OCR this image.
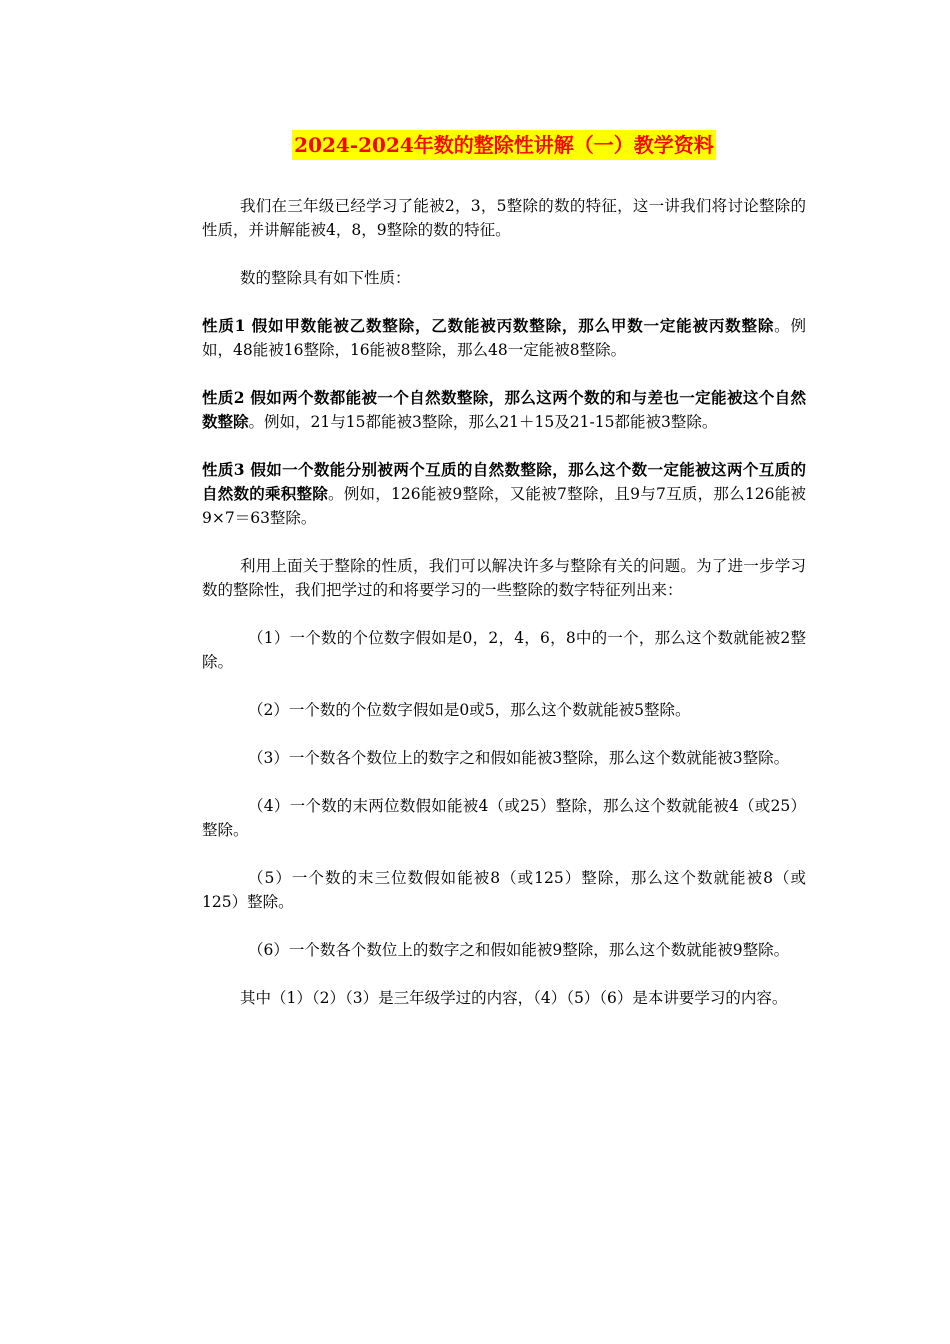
2024-2024年数的整除性讲解（一）教学资料

我们在三年级已经学习了能被2，3，5整除的数的特征，这一讲我们将讨论整除的性质，并讲解能被4，8，9整除的数的特征。

数的整除具有如下性质：

性质1 假如甲数能被乙数整除，乙数能被丙数整除，那么甲数一定能被丙数整除。例如，48能被16整除，16能被8整除，那么48一定能被8整除。

性质2 假如两个数都能被一个自然数整除，那么这两个数的和与差也一定能被这个自然数整除。例如，21与15都能被3整除，那么21＋15及21-15都能被3整除。

性质3 假如一个数能分别被两个互质的自然数整除，那么这个数一定能被这两个互质的自然数的乘积整除。例如，126能被9整除，又能被7整除，且9与7互质，那么126能被9×7＝63整除。

利用上面关于整除的性质，我们可以解决许多与整除有关的问题。为了进一步学习数的整除性，我们把学过的和将要学习的一些整除的数字特征列出来：

（1）一个数的个位数字假如是0，2，4，6，8中的一个，那么这个数就能被2整除。

（2）一个数的个位数字假如是0或5，那么这个数就能被5整除。

（3）一个数各个数位上的数字之和假如能被3整除，那么这个数就能被3整除。

（4）一个数的末两位数假如能被4（或25）整除，那么这个数就能被4（或25）整除。

（5）一个数的末三位数假如能被8（或125）整除，那么这个数就能被8（或125）整除。

（6）一个数各个数位上的数字之和假如能被9整除，那么这个数就能被9整除。

其中（1）（2）（3）是三年级学过的内容，（4）（5）（6）是本讲要学习的内容。
